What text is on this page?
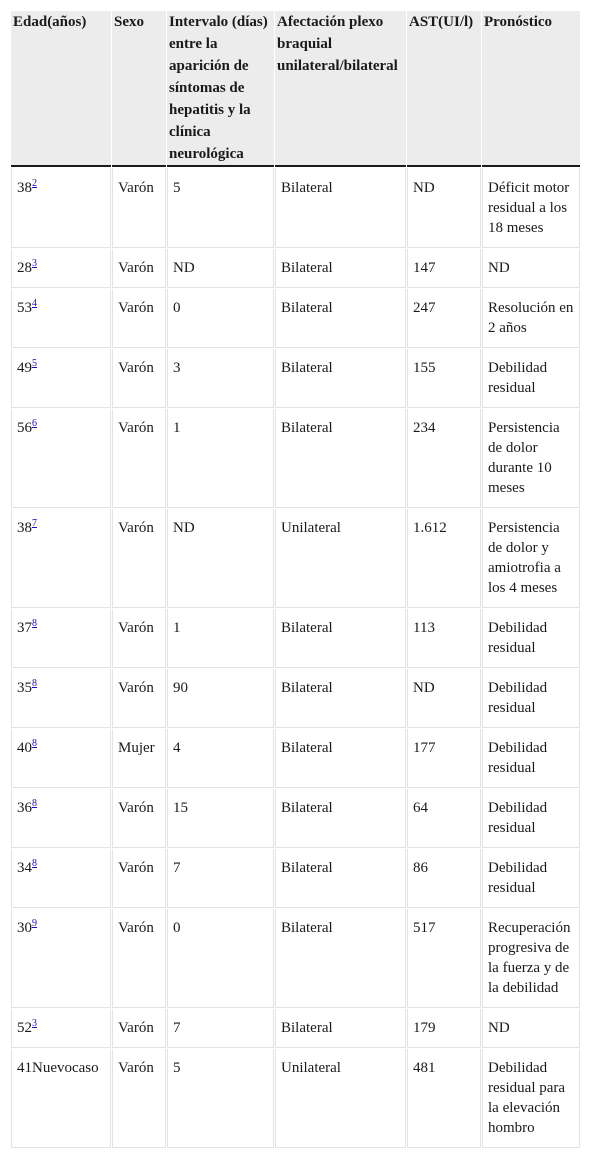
Edad(años)	Sexo	Intervalo (días) entre la aparición de síntomas de hepatitis y la clínica neurológica	Afectación plexo braquial unilateral/bilateral	AST(UI/l)	Pronóstico
38$^2$	Varón	5	Bilateral	ND	Déficit motor residual a los 18 meses
28$^3$	Varón	ND	Bilateral	147	ND
53$^4$	Varón	0	Bilateral	247	Resolución en 2 años
49$^5$	Varón	3	Bilateral	155	Debilidad residual
56$^6$	Varón	1	Bilateral	234	Persistencia de dolor durante 10 meses
38$^7$	Varón	ND	Unilateral	1.612	Persistencia de dolor y amiotrofia a los 4 meses
37$^8$	Varón	1	Bilateral	113	Debilidad residual
35$^8$	Varón	90	Bilateral	ND	Debilidad residual
40$^8$	Mujer	4	Bilateral	177	Debilidad residual
36$^8$	Varón	15	Bilateral	64	Debilidad residual
34$^8$	Varón	7	Bilateral	86	Debilidad residual
30$^9$	Varón	0	Bilateral	517	Recuperación progresiva de la fuerza y de la debilidad
52$^3$	Varón	7	Bilateral	179	ND
41Nuevocaso	Varón	5	Unilateral	481	Debilidad residual para la elevación hombro
